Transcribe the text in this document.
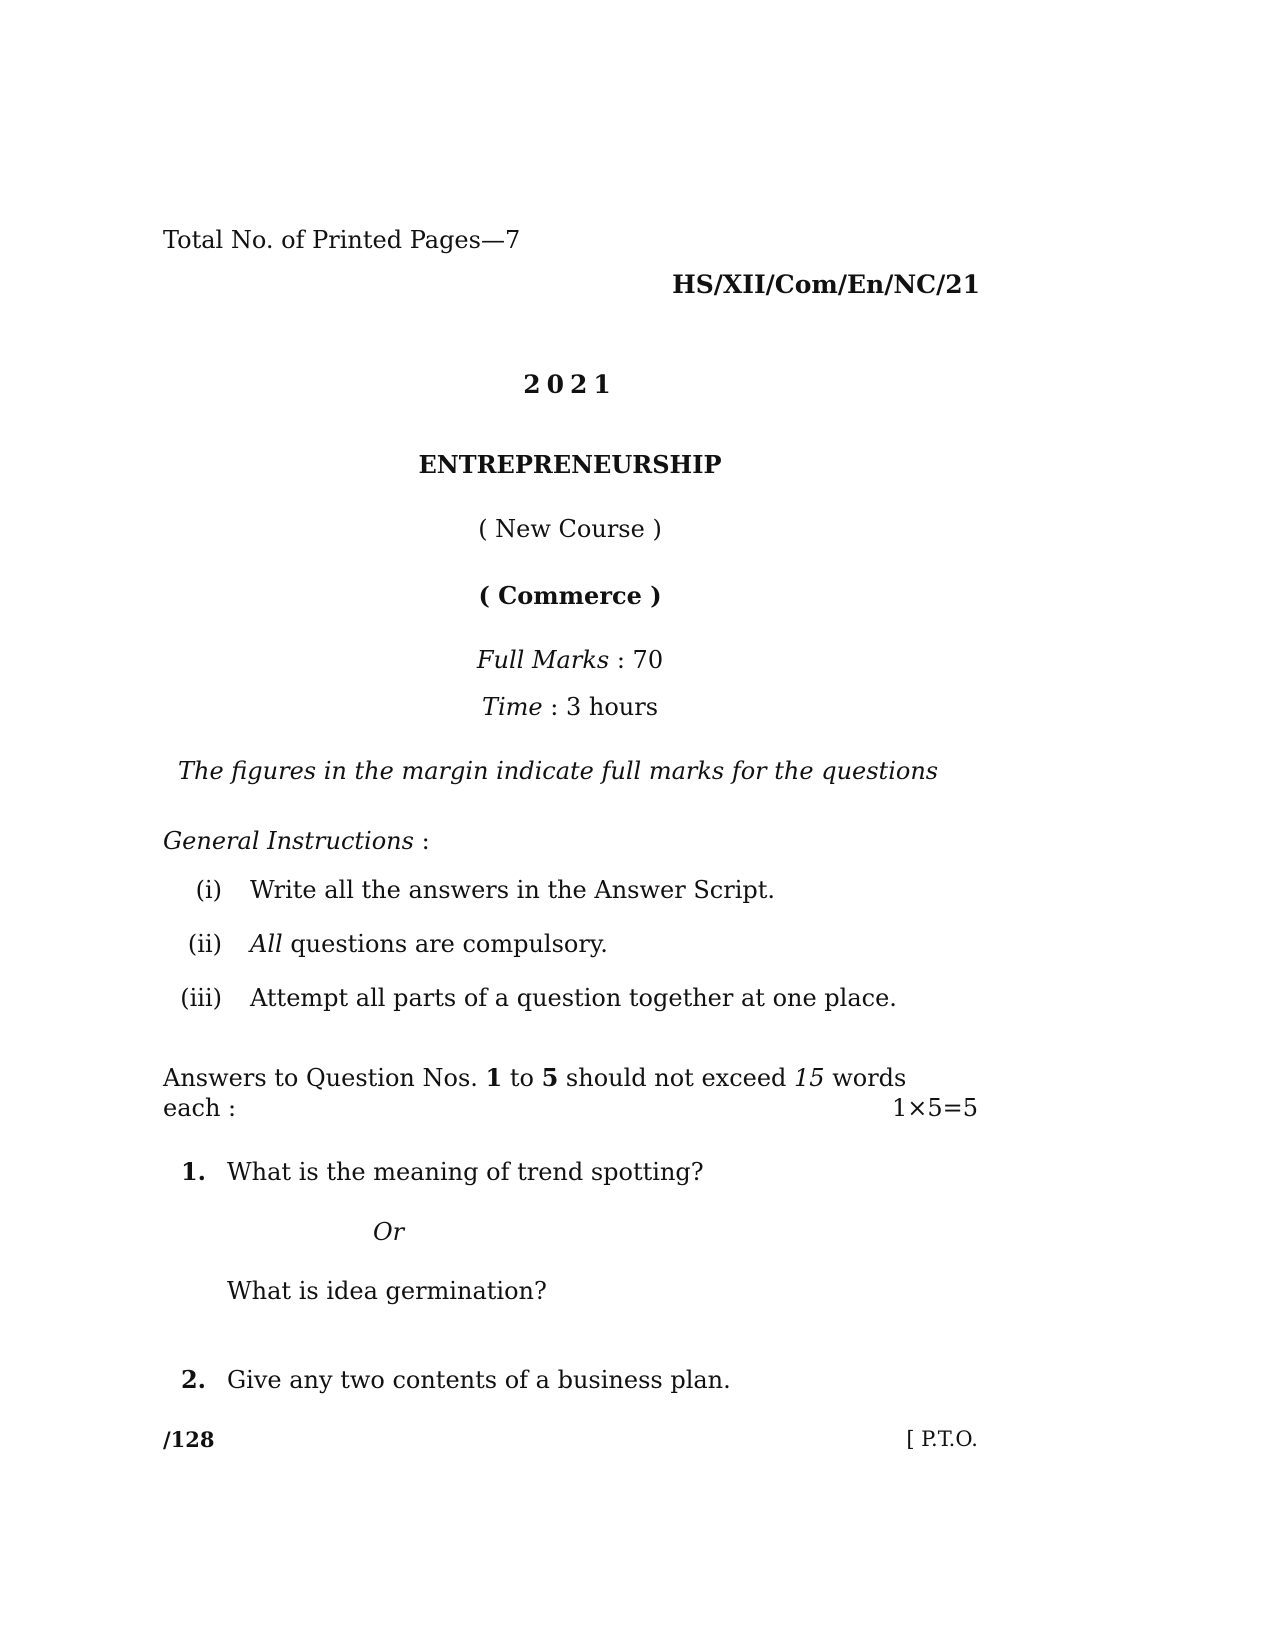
Total No. of Printed Pages—7
HS/XII/Com/En/NC/21
2021
ENTREPRENEURSHIP
( New Course )
( Commerce )
Full Marks : 70
Time : 3 hours
The figures in the margin indicate full marks for the questions
General Instructions :
(i) Write all the answers in the Answer Script.
(ii) All questions are compulsory.
(iii) Attempt all parts of a question together at one place.
Answers to Question Nos. 1 to 5 should not exceed 15 words
each :	1×5=5
1. What is the meaning of trend spotting?
Or
What is idea germination?
2. Give any two contents of a business plan.
/128	[ P.T.O.
